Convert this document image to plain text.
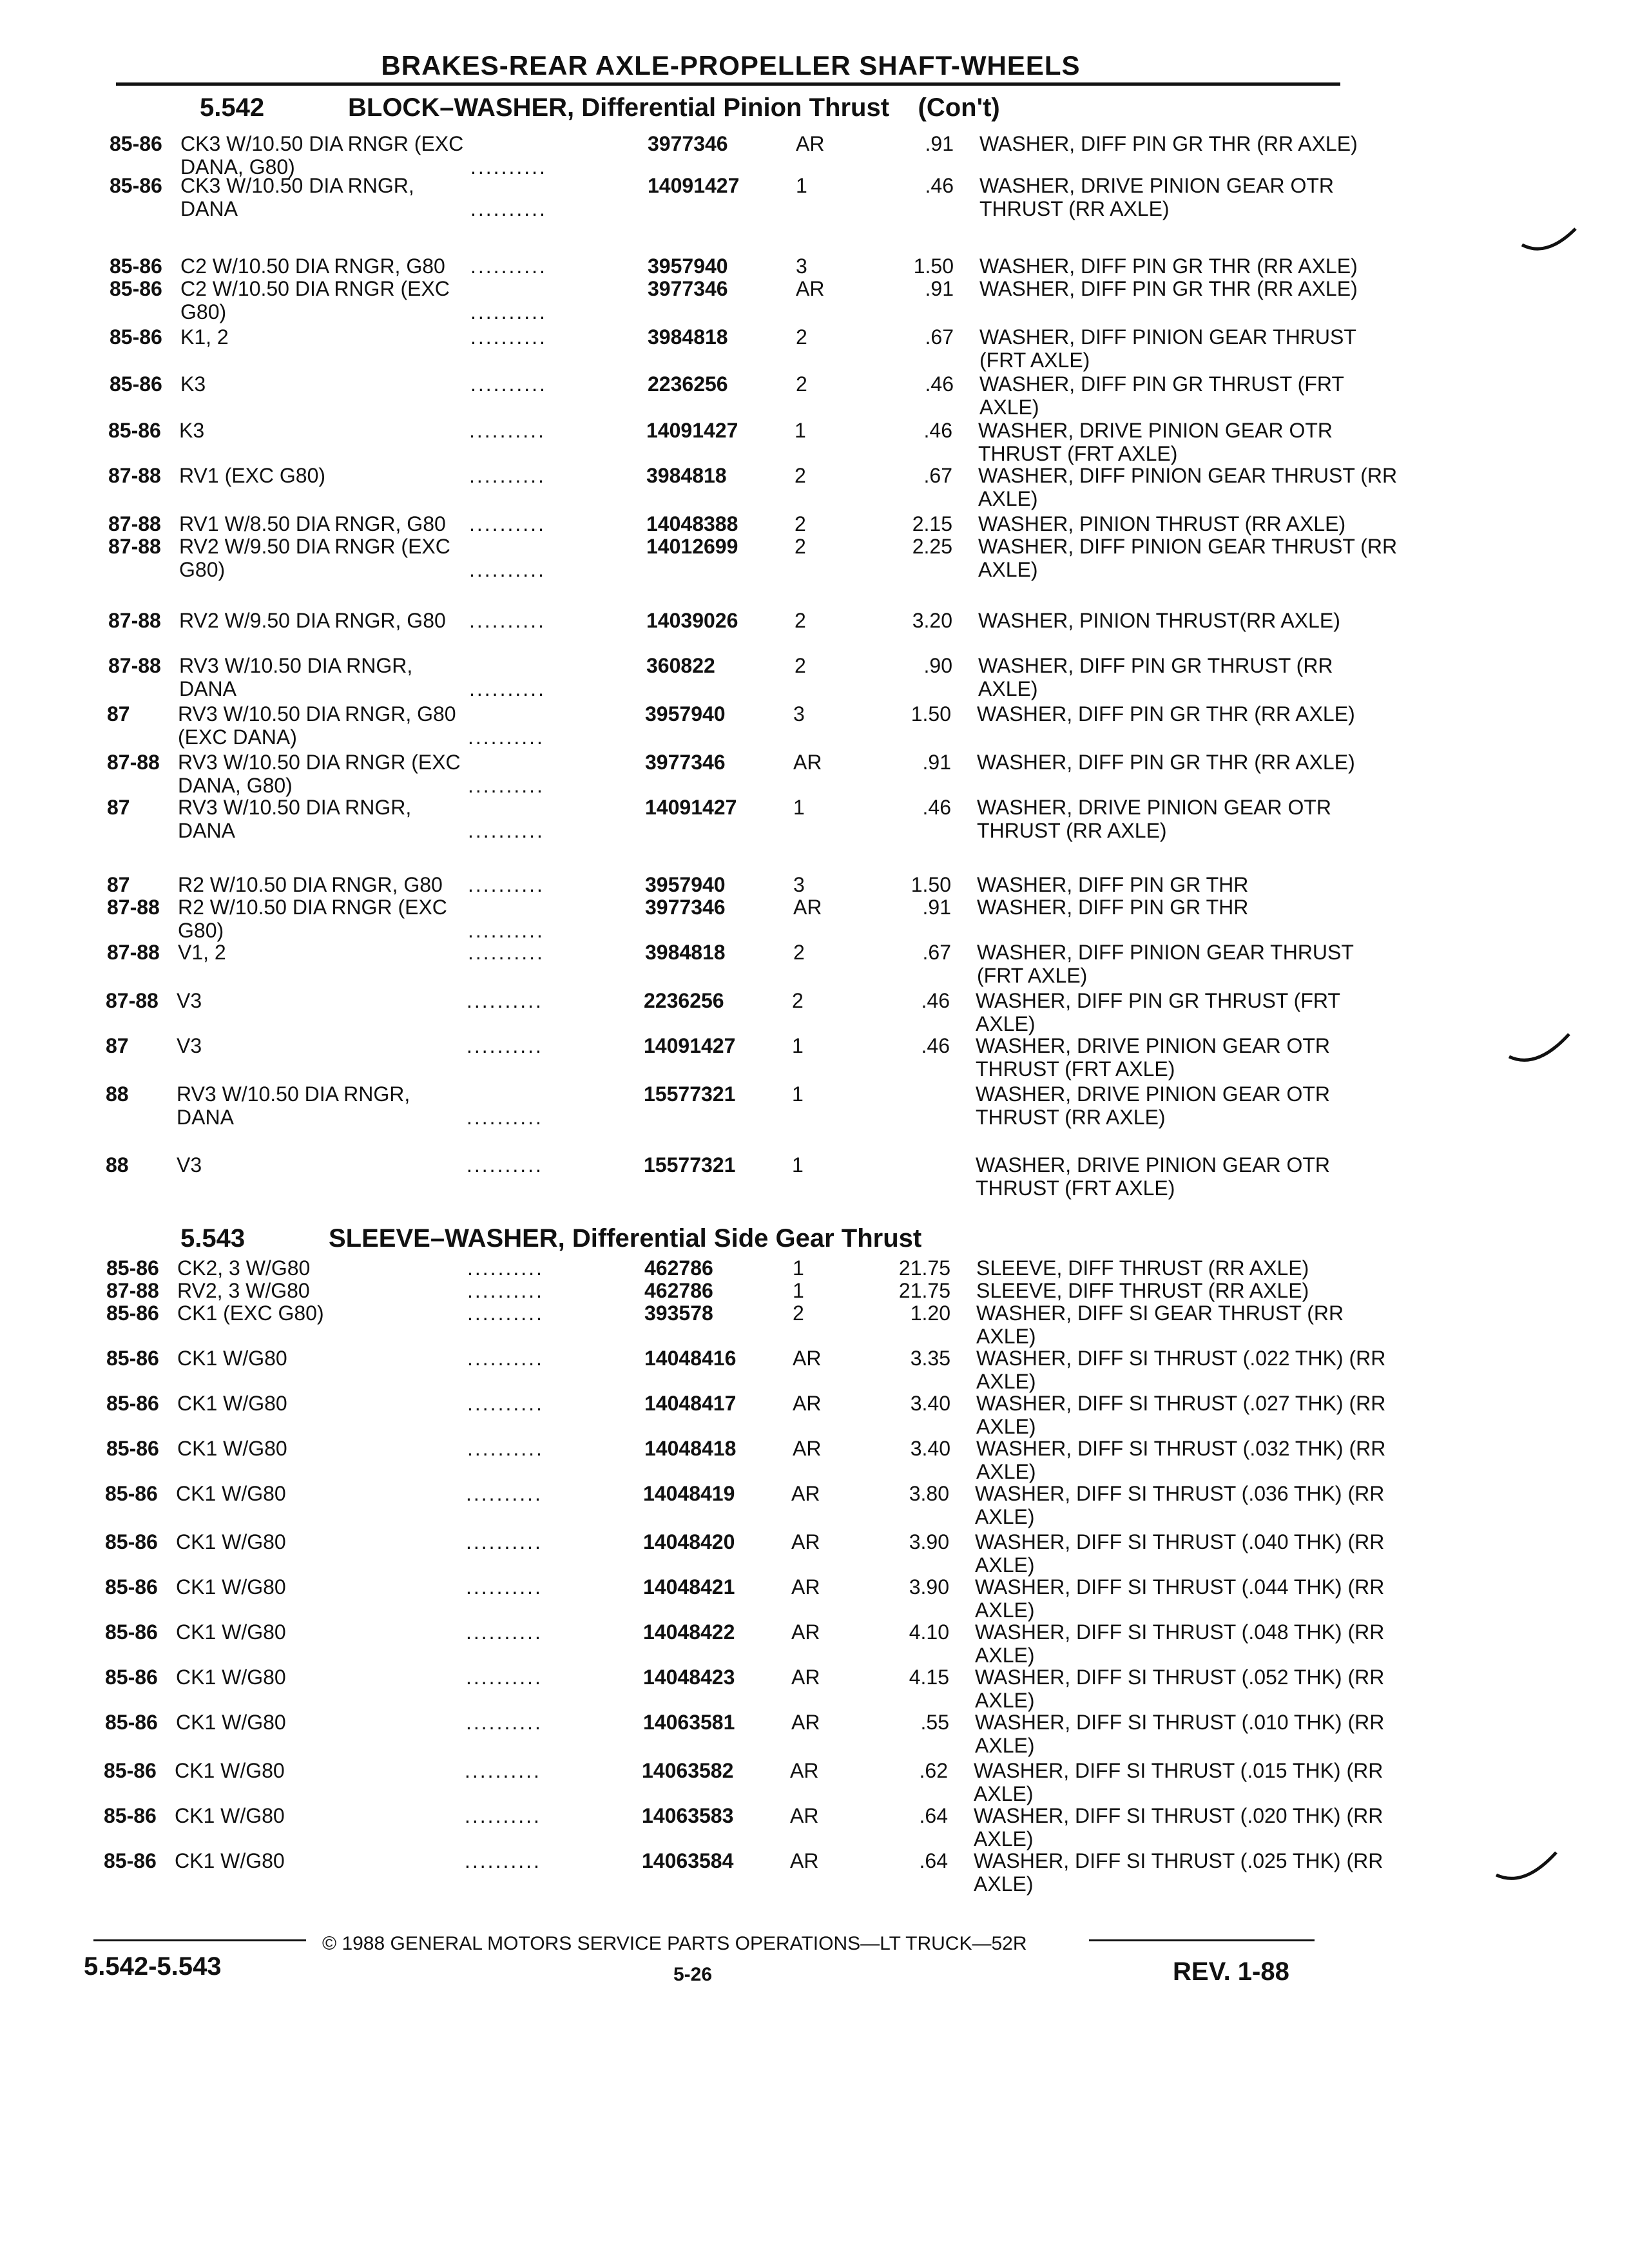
BRAKES-REAR AXLE-PROPELLER SHAFT-WHEELS
5.542	BLOCK–WASHER, Differential Pinion Thrust (Con't)
85-86 CK3 W/10.50 DIA RNGR (EXC
DANA, G80)
3977346	AR	.91 WASHER, DIFF PIN GR THR (RR AXLE)
..........
85-86 CK3 W/10.50 DIA RNGR,
DANA
14091427	1	.46 WASHER, DRIVE PINION GEAR OTR
THRUST (RR AXLE)
..........
85-86 C2 W/10.50 DIA RNGR, G80	3957940	3	1.50 WASHER, DIFF PIN GR THR (RR AXLE)
..........
85-86 C2 W/10.50 DIA RNGR (EXC
G80)
3977346	AR	.91 WASHER, DIFF PIN GR THR (RR AXLE)
..........
85-86 K1, 2	3984818	2	.67 WASHER, DIFF PINION GEAR THRUST
(FRT AXLE)
..........
85-86 K3	2236256	2	.46 WASHER, DIFF PIN GR THRUST (FRT
AXLE)
..........
85-86 K3	14091427	1	.46 WASHER, DRIVE PINION GEAR OTR
THRUST (FRT AXLE)
..........
87-88 RV1 (EXC G80)	3984818	2	.67 WASHER, DIFF PINION GEAR THRUST (RR
AXLE)
..........
87-88 RV1 W/8.50 DIA RNGR, G80	14048388	2	2.15 WASHER, PINION THRUST (RR AXLE)
..........
87-88 RV2 W/9.50 DIA RNGR (EXC
G80)
14012699	2	2.25 WASHER, DIFF PINION GEAR THRUST (RR
AXLE)
..........
87-88 RV2 W/9.50 DIA RNGR, G80	14039026	2	3.20 WASHER, PINION THRUST(RR AXLE)
..........
87-88 RV3 W/10.50 DIA RNGR,
DANA
360822	2	.90 WASHER, DIFF PIN GR THRUST (RR
AXLE)
..........
87 RV3 W/10.50 DIA RNGR, G80
(EXC DANA)
3957940	3	1.50 WASHER, DIFF PIN GR THR (RR AXLE)
..........
87-88 RV3 W/10.50 DIA RNGR (EXC
DANA, G80)
3977346	AR	.91 WASHER, DIFF PIN GR THR (RR AXLE)
..........
87 RV3 W/10.50 DIA RNGR,
DANA
14091427	1	.46 WASHER, DRIVE PINION GEAR OTR
THRUST (RR AXLE)
..........
87 R2 W/10.50 DIA RNGR, G80	3957940	3	1.50 WASHER, DIFF PIN GR THR
..........
87-88 R2 W/10.50 DIA RNGR (EXC
G80)
3977346	AR	.91 WASHER, DIFF PIN GR THR
..........
87-88 V1, 2	3984818	2	.67 WASHER, DIFF PINION GEAR THRUST
(FRT AXLE)
..........
87-88 V3	2236256	2	.46 WASHER, DIFF PIN GR THRUST (FRT
AXLE)
..........
87 V3	14091427	1	.46 WASHER, DRIVE PINION GEAR OTR
THRUST (FRT AXLE)
..........
88 RV3 W/10.50 DIA RNGR,
DANA
15577321	1	WASHER, DRIVE PINION GEAR OTR
THRUST (RR AXLE)
..........
88 V3	15577321	1	WASHER, DRIVE PINION GEAR OTR
THRUST (FRT AXLE)
..........
5.543	SLEEVE–WASHER, Differential Side Gear Thrust
85-86 CK2, 3 W/G80	462786	1	21.75 SLEEVE, DIFF THRUST (RR AXLE)
..........
87-88 RV2, 3 W/G80	462786	1	21.75 SLEEVE, DIFF THRUST (RR AXLE)
..........
85-86 CK1 (EXC G80)	393578	2	1.20 WASHER, DIFF SI GEAR THRUST (RR
AXLE)
..........
85-86 CK1 W/G80	14048416	AR	3.35 WASHER, DIFF SI THRUST (.022 THK) (RR
AXLE)
..........
85-86 CK1 W/G80	14048417	AR	3.40 WASHER, DIFF SI THRUST (.027 THK) (RR
AXLE)
..........
85-86 CK1 W/G80	14048418	AR	3.40 WASHER, DIFF SI THRUST (.032 THK) (RR
AXLE)
..........
85-86 CK1 W/G80	14048419	AR	3.80 WASHER, DIFF SI THRUST (.036 THK) (RR
AXLE)
..........
85-86 CK1 W/G80	14048420	AR	3.90 WASHER, DIFF SI THRUST (.040 THK) (RR
AXLE)
..........
85-86 CK1 W/G80	14048421	AR	3.90 WASHER, DIFF SI THRUST (.044 THK) (RR
AXLE)
..........
85-86 CK1 W/G80	14048422	AR	4.10 WASHER, DIFF SI THRUST (.048 THK) (RR
AXLE)
..........
85-86 CK1 W/G80	14048423	AR	4.15 WASHER, DIFF SI THRUST (.052 THK) (RR
AXLE)
..........
85-86 CK1 W/G80	14063581	AR	.55 WASHER, DIFF SI THRUST (.010 THK) (RR
AXLE)
..........
85-86 CK1 W/G80	14063582	AR	.62 WASHER, DIFF SI THRUST (.015 THK) (RR
AXLE)
..........
85-86 CK1 W/G80	14063583	AR	.64 WASHER, DIFF SI THRUST (.020 THK) (RR
AXLE)
..........
85-86 CK1 W/G80	14063584	AR	.64 WASHER, DIFF SI THRUST (.025 THK) (RR
AXLE)
..........
5.542-5.543
© 1988 GENERAL MOTORS SERVICE PARTS OPERATIONS—LT TRUCK—52R
5-26	REV. 1-88
